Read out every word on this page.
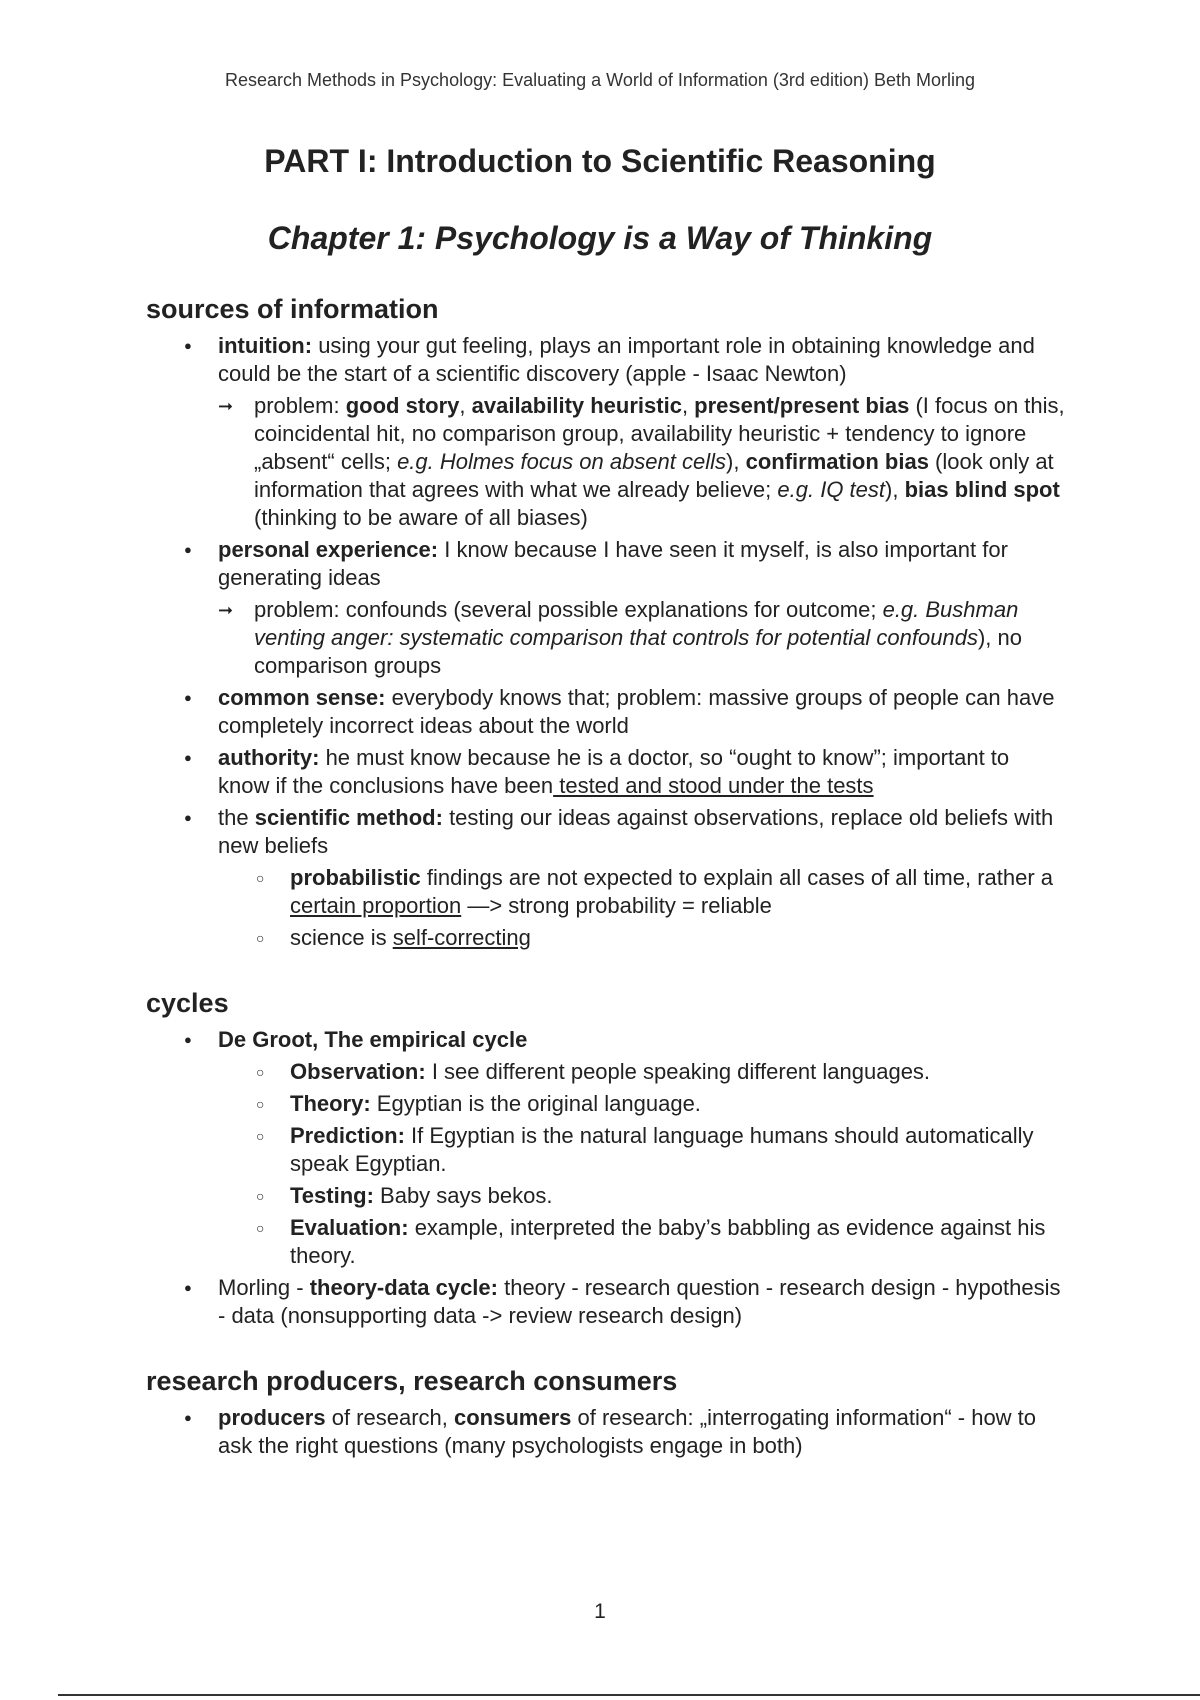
Research Methods in Psychology: Evaluating a World of Information (3rd edition) Beth Morling
PART I: Introduction to Scientific Reasoning
Chapter 1: Psychology is a Way of Thinking
sources of information
● intuition: using your gut feeling, plays an important role in obtaining knowledge and could be the start of a scientific discovery (apple - Isaac Newton)
➞ problem: good story, availability heuristic, present/present bias (I focus on this, coincidental hit, no comparison group, availability heuristic + tendency to ignore „absent“ cells; e.g. Holmes focus on absent cells), confirmation bias (look only at information that agrees with what we already believe; e.g. IQ test), bias blind spot (thinking to be aware of all biases)
● personal experience: I know because I have seen it myself, is also important for generating ideas
➞ problem: confounds (several possible explanations for outcome; e.g. Bushman venting anger: systematic comparison that controls for potential confounds), no comparison groups
● common sense: everybody knows that; problem: massive groups of people can have completely incorrect ideas about the world
● authority: he must know because he is a doctor, so “ought to know”; important to know if the conclusions have been tested and stood under the tests
● the scientific method: testing our ideas against observations, replace old beliefs with new beliefs
○ probabilistic findings are not expected to explain all cases of all time, rather a certain proportion —> strong probability = reliable
○ science is self-correcting
cycles
● De Groot, The empirical cycle
○ Observation: I see different people speaking different languages.
○ Theory: Egyptian is the original language.
○ Prediction: If Egyptian is the natural language humans should automatically speak Egyptian.
○ Testing: Baby says bekos.
○ Evaluation: example, interpreted the baby’s babbling as evidence against his theory.
● Morling - theory-data cycle: theory - research question - research design - hypothesis - data (nonsupporting data -> review research design)
research producers, research consumers
● producers of research, consumers of research: „interrogating information“ - how to ask the right questions (many psychologists engage in both)
1
